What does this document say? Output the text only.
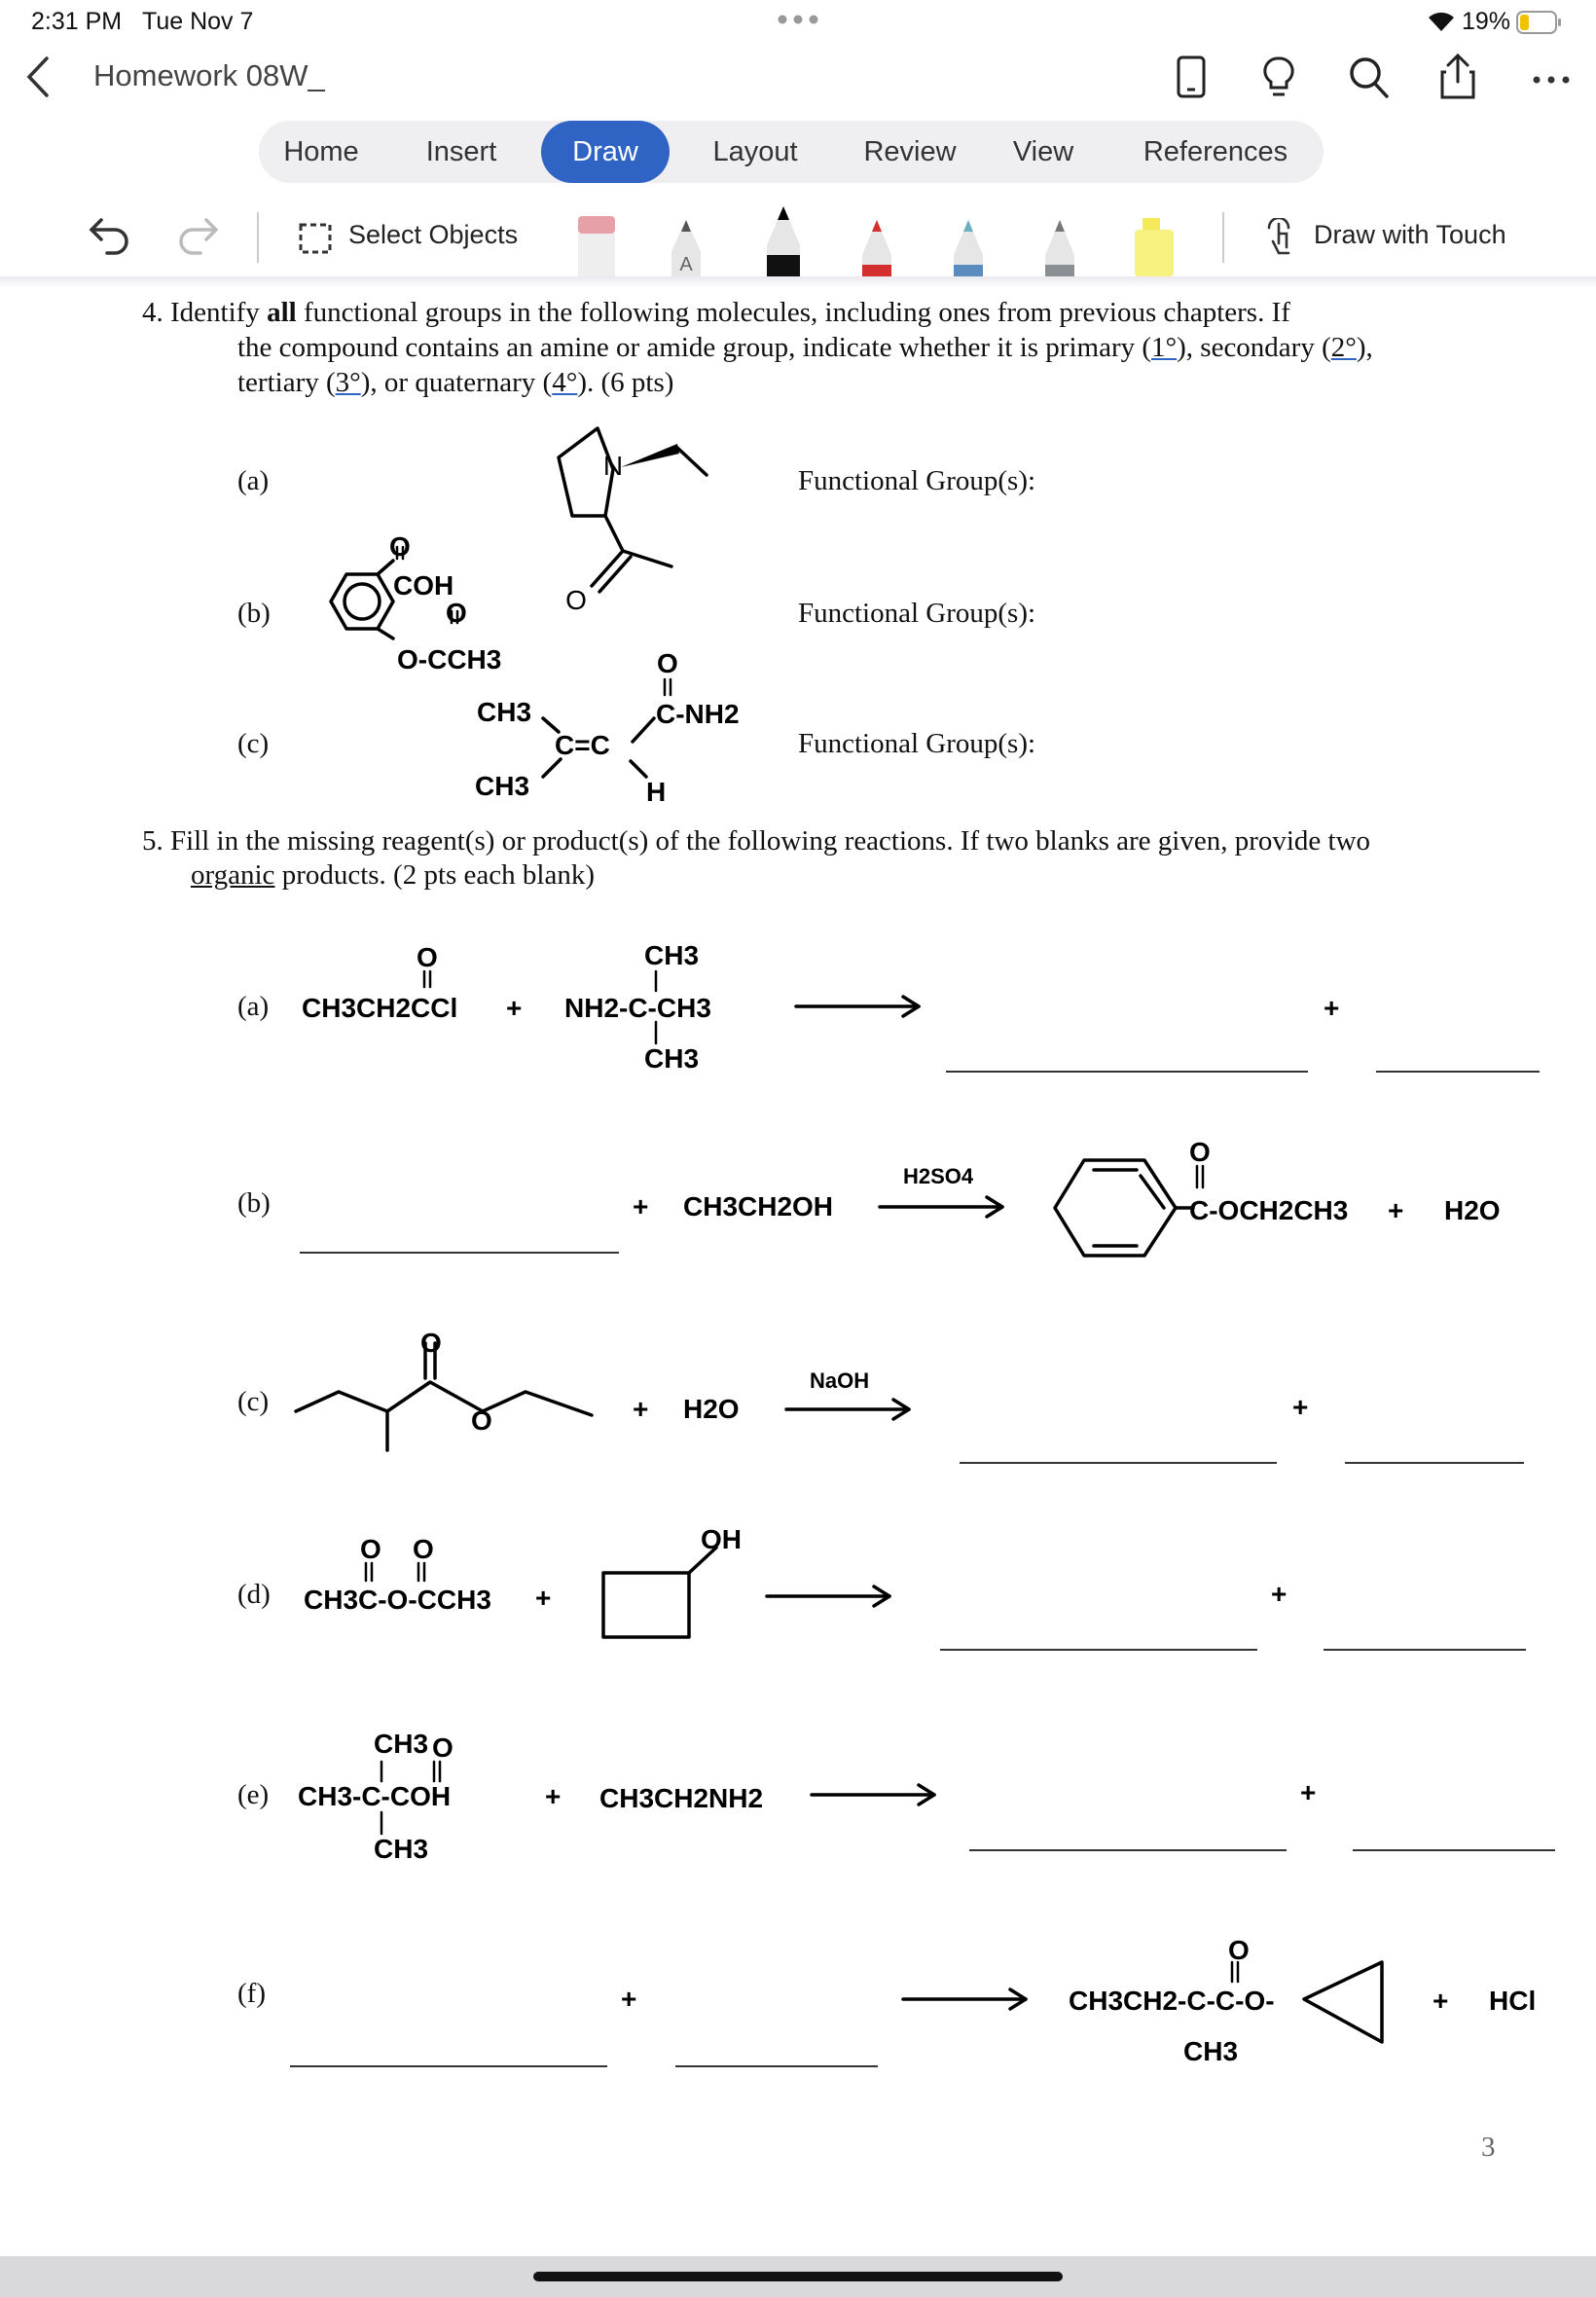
2:31 PM Tue Nov 7	19%
Homework 08W_
Home	Insert	Draw	Layout	Review	View	References
Select Objects
A
Draw with Touch
4. Identify all functional groups in the following molecules, including ones from previous chapters. If
the compound contains an amine or amide group, indicate whether it is primary (1°), secondary (2°),
tertiary (3°), or quaternary (4°). (6 pts)
(a)
(b)
(c)
Functional Group(s):
Functional Group(s):
Functional Group(s):
N
O
O
COH
O
O-CCH3	O
C-NH2
CH3
C=C
CH3	H
5. Fill in the missing reagent(s) or product(s) of the following reactions. If two blanks are given, provide two
organic products. (2 pts each blank)
(a)
(b)
(c)
(d)
(e)
(f)
O
CH3CH2CCl +
CH3
NH2-C-CH3
CH3
+
+ CH3CH2OH
H2SO4
O
C-OCH2CH3 + H2O
O
O	+ H2O
NaOH
+
O O
CH3C-O-CCH3 +
OH
+
CH3 O
CH3-C-COH
CH3
+ CH3CH2NH2	+
+
O
CH3CH2-C-C-O-
CH3
+ HCl
3
